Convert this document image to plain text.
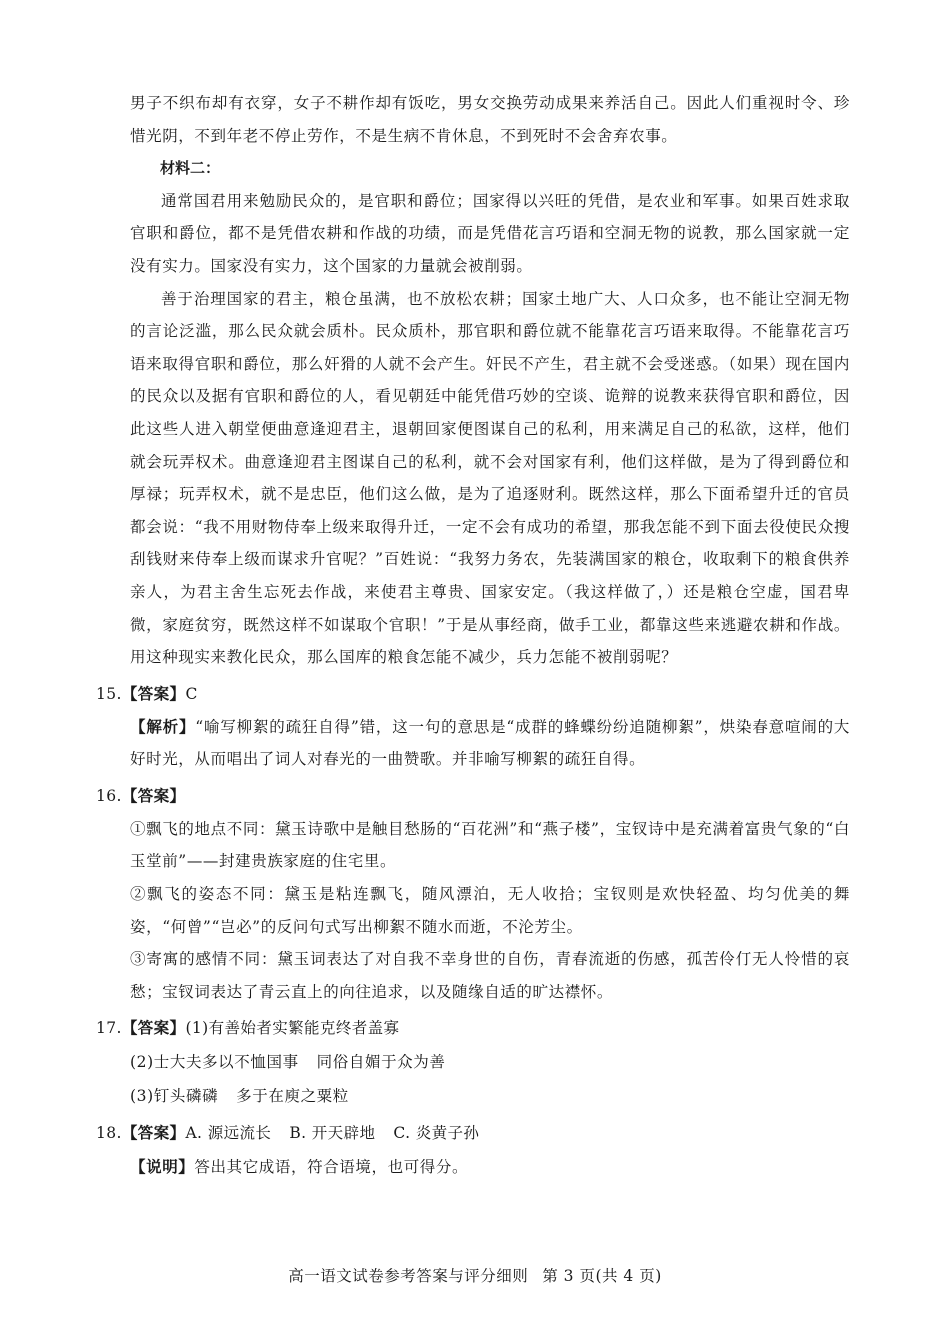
男子不织布却有衣穿，女子不耕作却有饭吃，男女交换劳动成果来养活自己。因此人们重视时令、珍惜光阴，不到年老不停止劳作，不是生病不肯休息，不到死时不会舍弃农事。

材料二：

通常国君用来勉励民众的，是官职和爵位；国家得以兴旺的凭借，是农业和军事。如果百姓求取官职和爵位，都不是凭借农耕和作战的功绩，而是凭借花言巧语和空洞无物的说教，那么国家就一定没有实力。国家没有实力，这个国家的力量就会被削弱。

善于治理国家的君主，粮仓虽满，也不放松农耕；国家土地广大、人口众多，也不能让空洞无物的言论泛滥，那么民众就会质朴。民众质朴，那官职和爵位就不能靠花言巧语来取得。不能靠花言巧语来取得官职和爵位，那么奸猾的人就不会产生。奸民不产生，君主就不会受迷惑。（如果）现在国内的民众以及据有官职和爵位的人，看见朝廷中能凭借巧妙的空谈、诡辩的说教来获得官职和爵位，因此这些人进入朝堂便曲意逢迎君主，退朝回家便图谋自己的私利，用来满足自己的私欲，这样，他们就会玩弄权术。曲意逢迎君主图谋自己的私利，就不会对国家有利，他们这样做，是为了得到爵位和厚禄；玩弄权术，就不是忠臣，他们这么做，是为了追逐财利。既然这样，那么下面希望升迁的官员都会说：“我不用财物侍奉上级来取得升迁，一定不会有成功的希望，那我怎能不到下面去役使民众搜刮钱财来侍奉上级而谋求升官呢？”百姓说：“我努力务农，先装满国家的粮仓，收取剩下的粮食供养亲人，为君主舍生忘死去作战，来使君主尊贵、国家安定。（我这样做了，）还是粮仓空虚，国君卑微，家庭贫穷，既然这样不如谋取个官职！”于是从事经商，做手工业，都靠这些来逃避农耕和作战。用这种现实来教化民众，那么国库的粮食怎能不减少，兵力怎能不被削弱呢？

15.【答案】C

【解析】“喻写柳絮的疏狂自得”错，这一句的意思是“成群的蜂蝶纷纷追随柳絮”，烘染春意喧闹的大好时光，从而唱出了词人对春光的一曲赞歌。并非喻写柳絮的疏狂自得。

16.【答案】

①飘飞的地点不同：黛玉诗歌中是触目愁肠的“百花洲”和“燕子楼”，宝钗诗中是充满着富贵气象的“白玉堂前”——封建贵族家庭的住宅里。

②飘飞的姿态不同：黛玉是粘连飘飞，随风漂泊，无人收拾；宝钗则是欢快轻盈、均匀优美的舞姿，“何曾”“岂必”的反问句式写出柳絮不随水而逝，不沦芳尘。

③寄寓的感情不同：黛玉词表达了对自我不幸身世的自伤，青春流逝的伤感，孤苦伶仃无人怜惜的哀愁；宝钗词表达了青云直上的向往追求，以及随缘自适的旷达襟怀。

17.【答案】(1)有善始者实繁能克终者盖寡

(2)士大夫多以不恤国事 同俗自媚于众为善

(3)钉头磷磷 多于在庾之粟粒

18.【答案】A. 源远流长 B. 开天辟地 C. 炎黄子孙

【说明】答出其它成语，符合语境，也可得分。

高一语文试卷参考答案与评分细则 第 3 页(共 4 页)
